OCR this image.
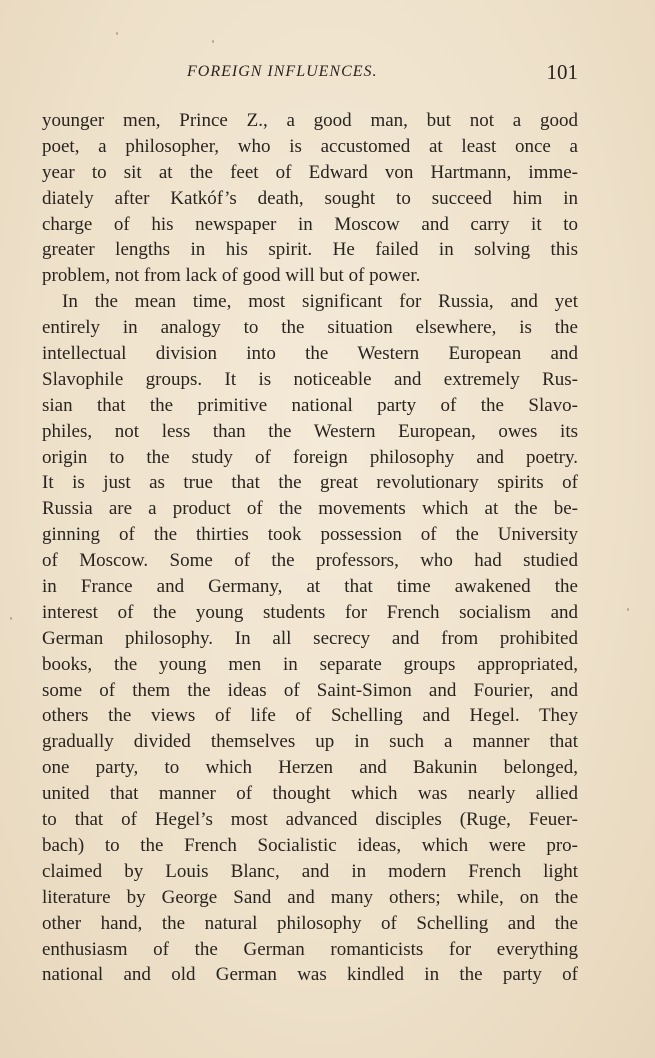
FOREIGN INFLUENCES.	101
younger men, Prince Z., a good man, but not a good
poet, a philosopher, who is accustomed at least once a
year to sit at the feet of Edward von Hartmann, imme-
diately after Katkóf’s death, sought to succeed him in
charge of his newspaper in Moscow and carry it to
greater lengths in his spirit. He failed in solving this
problem, not from lack of good will but of power.
In the mean time, most significant for Russia, and yet
entirely in analogy to the situation elsewhere, is the
intellectual division into the Western European and
Slavophile groups. It is noticeable and extremely Rus-
sian that the primitive national party of the Slavo-
philes, not less than the Western European, owes its
origin to the study of foreign philosophy and poetry.
It is just as true that the great revolutionary spirits of
Russia are a product of the movements which at the be-
ginning of the thirties took possession of the University
of Moscow. Some of the professors, who had studied
in France and Germany, at that time awakened the
interest of the young students for French socialism and
German philosophy. In all secrecy and from prohibited
books, the young men in separate groups appropriated,
some of them the ideas of Saint-Simon and Fourier, and
others the views of life of Schelling and Hegel. They
gradually divided themselves up in such a manner that
one party, to which Herzen and Bakunin belonged,
united that manner of thought which was nearly allied
to that of Hegel’s most advanced disciples (Ruge, Feuer-
bach) to the French Socialistic ideas, which were pro-
claimed by Louis Blanc, and in modern French light
literature by George Sand and many others; while, on the
other hand, the natural philosophy of Schelling and the
enthusiasm of the German romanticists for everything
national and old German was kindled in the party of
